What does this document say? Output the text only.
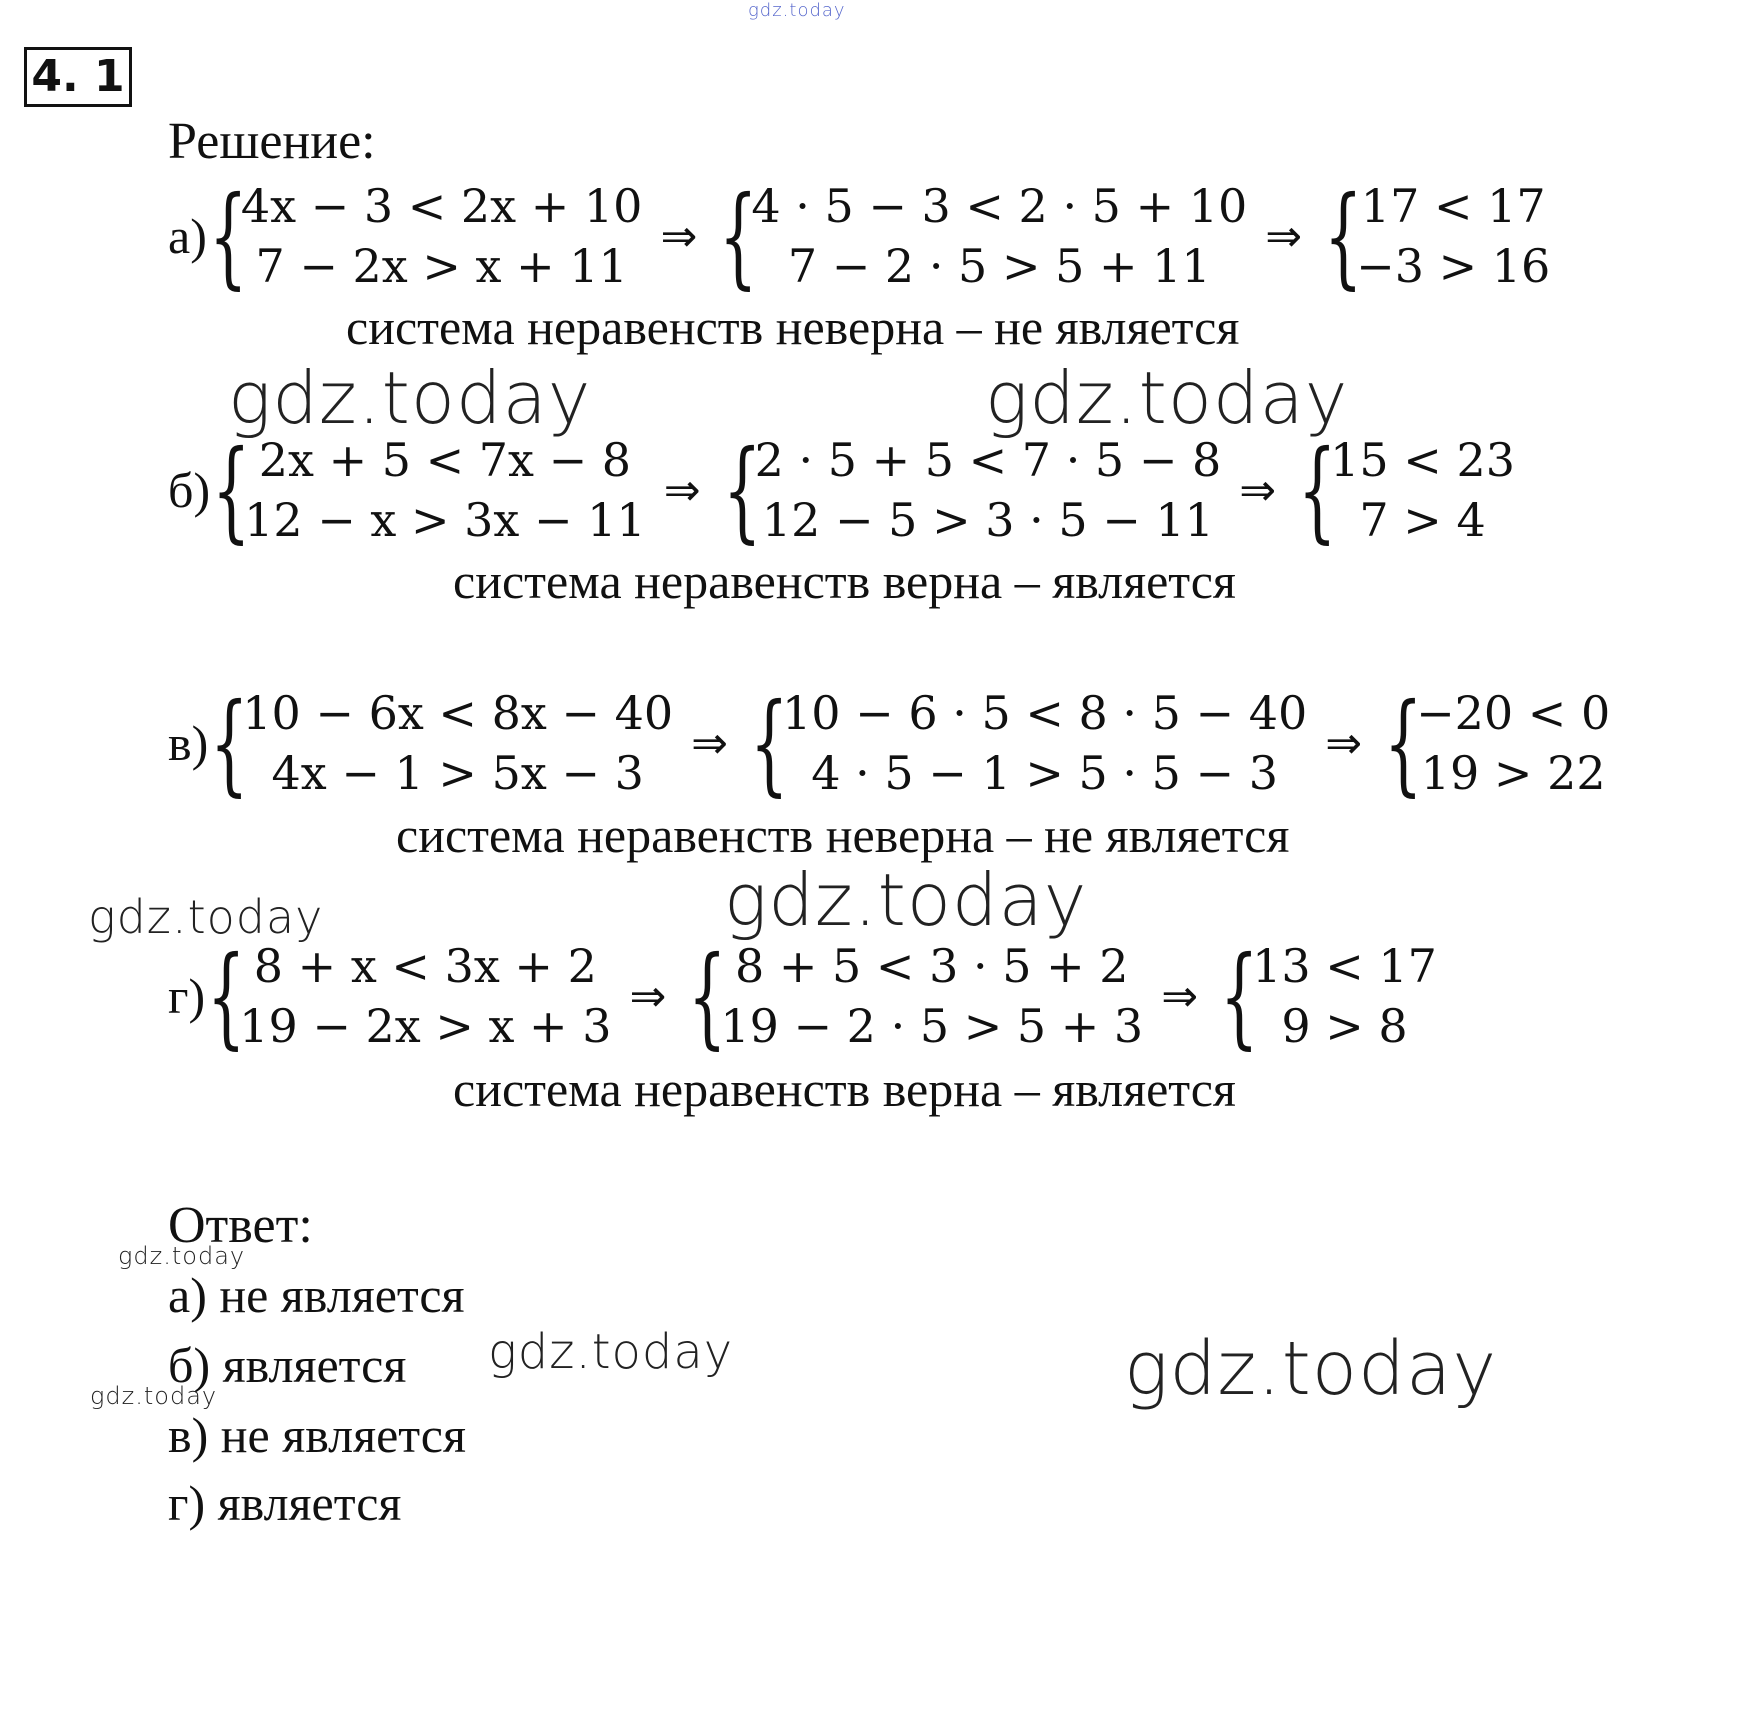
gdz.today
4. 1
Решение:
а) {
4x − 3 < 2x + 10
7 − 2x > x + 11
⇒ {
4 · 5 − 3 < 2 · 5 + 10
7 − 2 · 5 > 5 + 11
⇒ {
17 < 17
−3 > 16
система неравенств неверна – не является
б) { 2x + 5 < 7x − 8
12 − x > 3x − 11
⇒ {
2 · 5 + 5 < 7 · 5 − 8
12 − 5 > 3 · 5 − 11
⇒ {
15 < 23
7 > 4
система неравенств верна – является
в) {
10 − 6x < 8x − 40
4x − 1 > 5x − 3
⇒ {
10 − 6 · 5 < 8 · 5 − 40
4 · 5 − 1 > 5 · 5 − 3
⇒ {
−20 < 0
19 > 22
система неравенств неверна – не является
г) { 8 + x < 3x + 2
19 − 2x > x + 3
⇒ { 8 + 5 < 3 · 5 + 2
19 − 2 · 5 > 5 + 3
⇒ {
13 < 17
9 > 8
система неравенств верна – является
Ответ:
а) не является
б) является
в) не является
г) является
gdz.today	gdz.today
gdz.today
gdz.today
gdz.today
gdz.today
gdz.today	gdz.today
